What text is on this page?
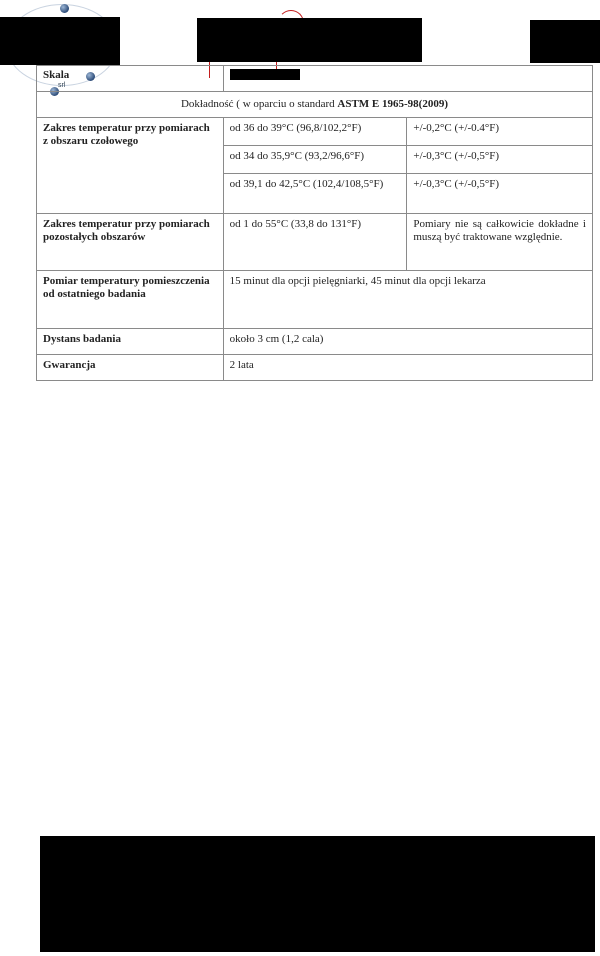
srl
Skala		
Dokładność ( w oparciu o standard ASTM E 1965-98(2009)		
Zakres temperatur przy pomiarach z obszaru czołowego	od 36 do 39°C (96,8/102,2°F)	+/-0,2°C (+/-0.4°F)
	od 34 do 35,9°C (93,2/96,6°F)	+/-0,3°C (+/-0,5°F)
	od 39,1 do 42,5°C (102,4/108,5°F)	+/-0,3°C (+/-0,5°F)
Zakres temperatur przy pomiarach pozostałych obszarów	od 1 do 55°C (33,8 do 131°F)	Pomiary nie są całkowicie dokładne i muszą być traktowane względnie.
Pomiar temperatury pomieszczenia od ostatniego badania	15 minut dla opcji pielęgniarki, 45 minut dla opcji lekarza	
Dystans badania	około 3 cm (1,2 cala)	
Gwarancja	2 lata	
